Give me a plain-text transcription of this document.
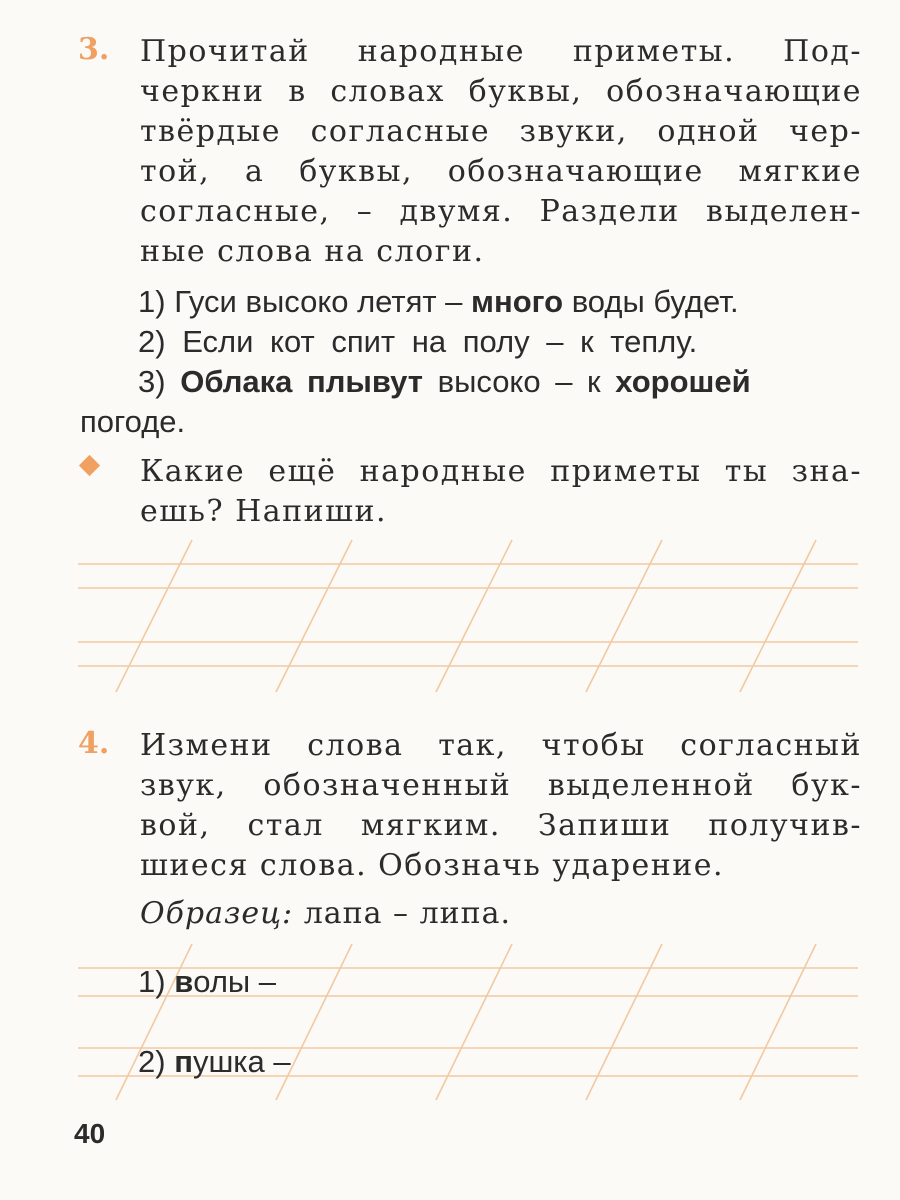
3. Прочитай народные приметы. Под-
черкни в словах буквы, обозначающие
твёрдые согласные звуки, одной чер-
той, а буквы, обозначающие мягкие
согласные, – двумя. Раздели выделен-
ные слова на слоги.
1) Гуси высоко летят – много воды будет.
2) Если кот спит на полу – к теплу.
3) Облака плывут высоко – к хорошей
погоде.
Какие ещё народные приметы ты зна-
ешь? Напиши.
4. Измени слова так, чтобы согласный
звук, обозначенный выделенной бук-
вой, стал мягким. Запиши получив-
шиеся слова. Обозначь ударение.
Образец: лапа – липа.
1) волы –
2) пушка –
40
